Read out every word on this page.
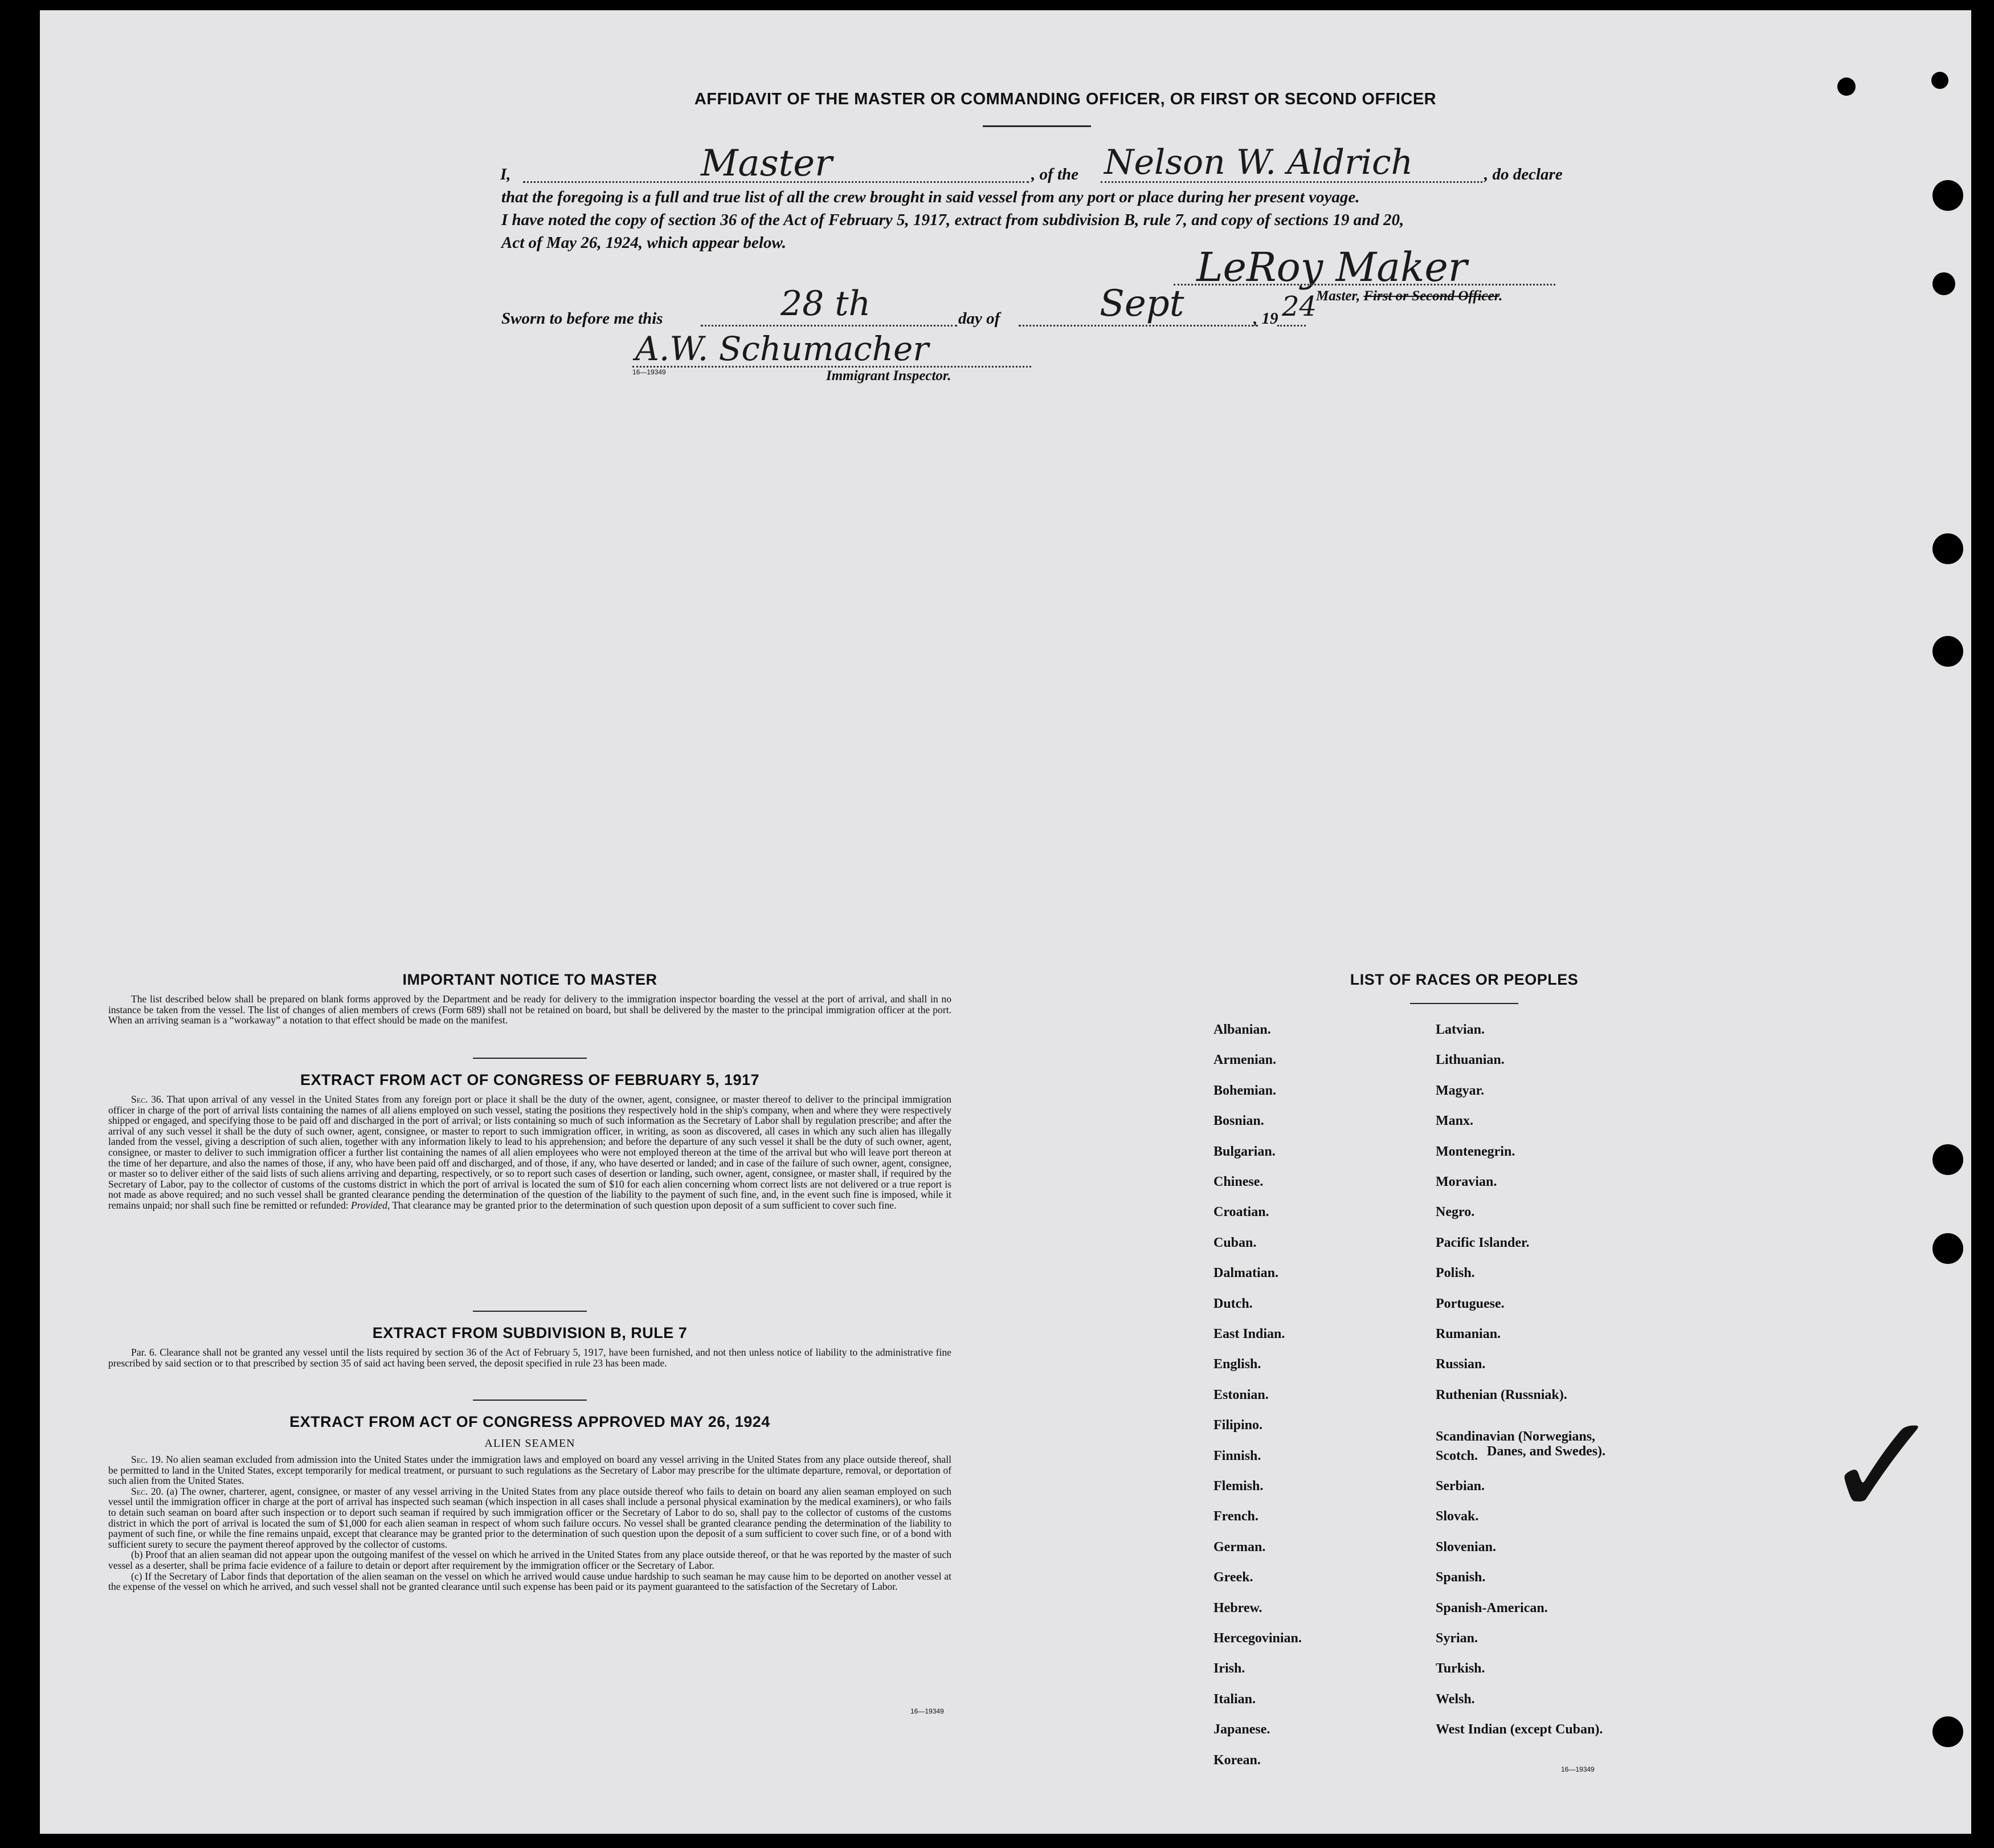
AFFIDAVIT OF THE MASTER OR COMMANDING OFFICER, OR FIRST OR SECOND OFFICER
I,	Master	, of the Nelson W. Aldrich	, do declare
that the foregoing is a full and true list of all the crew brought in said vessel from any port or place during her present voyage.
I have noted the copy of section 36 of the Act of February 5, 1917, extract from subdivision B, rule 7, and copy of sections 19 and 20,
Act of May 26, 1924, which appear below.
LeRoy Maker
Master, First or Second Officer.
Sworn to before me this	28 th	day of	Sept	, 19 24
A.W. Schumacher
16—19349	Immigrant Inspector.
IMPORTANT NOTICE TO MASTER

The list described below shall be prepared on blank forms approved by the Department and be ready for delivery to the immigration inspector boarding the vessel at the port of arrival, and shall in no instance be taken from the vessel. The list of changes of alien members of crews (Form 689) shall not be retained on board, but shall be delivered by the master to the principal immigration officer at the port. When an arriving seaman is a “workaway” a notation to that effect should be made on the manifest.

EXTRACT FROM ACT OF CONGRESS OF FEBRUARY 5, 1917

Sec. 36. That upon arrival of any vessel in the United States from any foreign port or place it shall be the duty of the owner, agent, consignee, or master thereof to deliver to the principal immigration officer in charge of the port of arrival lists containing the names of all aliens employed on such vessel, stating the positions they respectively hold in the ship's company, when and where they were respectively shipped or engaged, and specifying those to be paid off and discharged in the port of arrival; or lists containing so much of such information as the Secretary of Labor shall by regulation prescribe; and after the arrival of any such vessel it shall be the duty of such owner, agent, consignee, or master to report to such immigration officer, in writing, as soon as discovered, all cases in which any such alien has illegally landed from the vessel, giving a description of such alien, together with any information likely to lead to his apprehension; and before the departure of any such vessel it shall be the duty of such owner, agent, consignee, or master to deliver to such immigration officer a further list containing the names of all alien employees who were not employed thereon at the time of the arrival but who will leave port thereon at the time of her departure, and also the names of those, if any, who have been paid off and discharged, and of those, if any, who have deserted or landed; and in case of the failure of such owner, agent, consignee, or master so to deliver either of the said lists of such aliens arriving and departing, respectively, or so to report such cases of desertion or landing, such owner, agent, consignee, or master shall, if required by the Secretary of Labor, pay to the collector of customs of the customs district in which the port of arrival is located the sum of $10 for each alien concerning whom correct lists are not delivered or a true report is not made as above required; and no such vessel shall be granted clearance pending the determination of the question of the liability to the payment of such fine, and, in the event such fine is imposed, while it remains unpaid; nor shall such fine be remitted or refunded: Provided, That clearance may be granted prior to the determination of such question upon deposit of a sum sufficient to cover such fine.

EXTRACT FROM SUBDIVISION B, RULE 7

Par. 6. Clearance shall not be granted any vessel until the lists required by section 36 of the Act of February 5, 1917, have been furnished, and not then unless notice of liability to the administrative fine prescribed by said section or to that prescribed by section 35 of said act having been served, the deposit specified in rule 23 has been made.

EXTRACT FROM ACT OF CONGRESS APPROVED MAY 26, 1924
ALIEN SEAMEN

Sec. 19. No alien seaman excluded from admission into the United States under the immigration laws and employed on board any vessel arriving in the United States from any place outside thereof, shall be permitted to land in the United States, except temporarily for medical treatment, or pursuant to such regulations as the Secretary of Labor may prescribe for the ultimate departure, removal, or deportation of such alien from the United States.

Sec. 20. (a) The owner, charterer, agent, consignee, or master of any vessel arriving in the United States from any place outside thereof who fails to detain on board any alien seaman employed on such vessel until the immigration officer in charge at the port of arrival has inspected such seaman (which inspection in all cases shall include a personal physical examination by the medical examiners), or who fails to detain such seaman on board after such inspection or to deport such seaman if required by such immigration officer or the Secretary of Labor to do so, shall pay to the collector of customs of the customs district in which the port of arrival is located the sum of $1,000 for each alien seaman in respect of whom such failure occurs. No vessel shall be granted clearance pending the determination of the liability to payment of such fine, or while the fine remains unpaid, except that clearance may be granted prior to the determination of such question upon the deposit of a sum sufficient to cover such fine, or of a bond with sufficient surety to secure the payment thereof approved by the collector of customs.

(b) Proof that an alien seaman did not appear upon the outgoing manifest of the vessel on which he arrived in the United States from any place outside thereof, or that he was reported by the master of such vessel as a deserter, shall be prima facie evidence of a failure to detain or deport after requirement by the immigration officer or the Secretary of Labor.

(c) If the Secretary of Labor finds that deportation of the alien seaman on the vessel on which he arrived would cause undue hardship to such seaman he may cause him to be deported on another vessel at the expense of the vessel on which he arrived, and such vessel shall not be granted clearance until such expense has been paid or its payment guaranteed to the satisfaction of the Secretary of Labor.

16—19349
LIST OF RACES OR PEOPLES
Albanian.
Armenian.
Bohemian.
Bosnian.
Bulgarian.
Chinese.
Croatian.
Cuban.
Dalmatian.
Dutch.
East Indian.
English.
Estonian.
Filipino.
Finnish.
Flemish.
French.
German.
Greek.
Hebrew.
Hercegovinian.
Irish.
Italian.
Japanese.
Korean.
Latvian.
Lithuanian.
Magyar.
Manx.
Montenegrin.
Moravian.
Negro.
Pacific Islander.
Polish.
Portuguese.
Rumanian.
Russian.
Ruthenian (Russniak).
Scandinavian (Norwegians,
Scotch.
Serbian.
Slovak.
Slovenian.
Spanish.
Spanish-American.
Syrian.
Turkish.
Welsh.
West Indian (except Cuban).
Danes, and Swedes).
16—19349
✓
